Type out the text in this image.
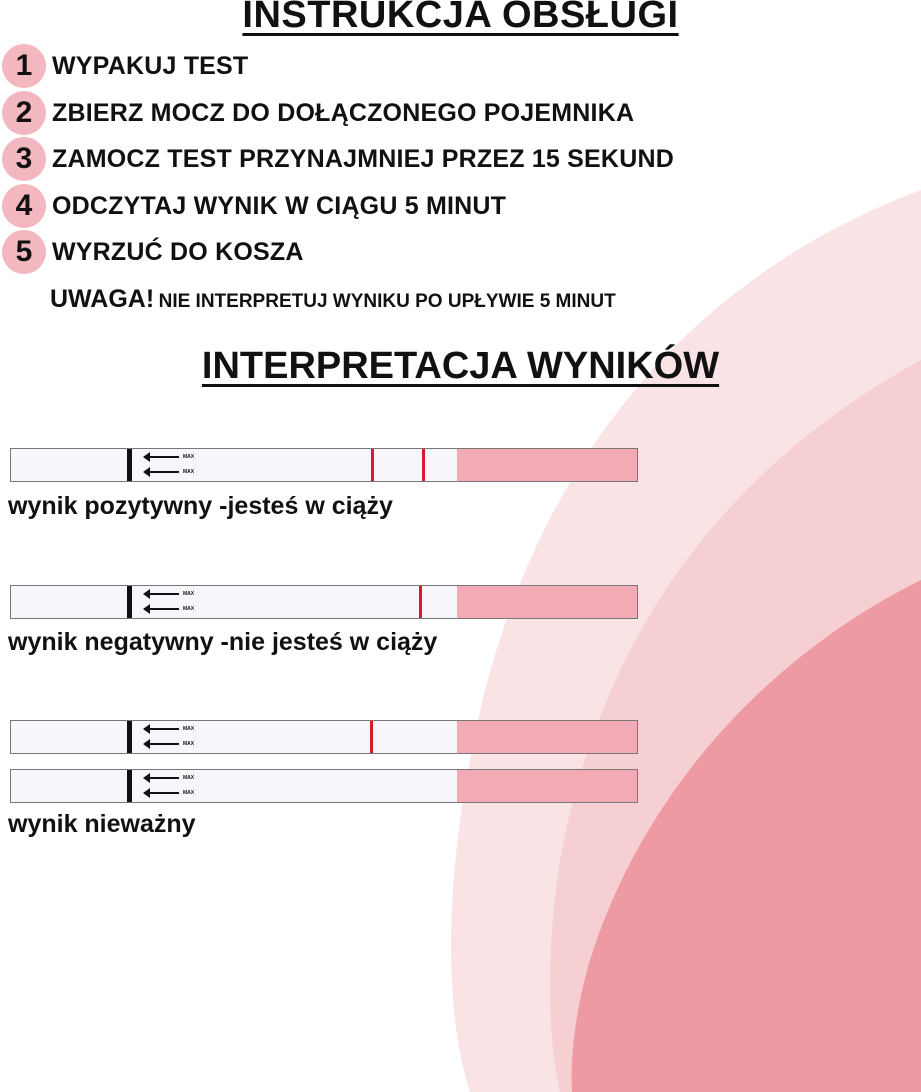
INSTRUKCJA OBSŁUGI
1 WYPAKUJ TEST
2 ZBIERZ MOCZ DO DOŁĄCZONEGO POJEMNIKA
3 ZAMOCZ TEST PRZYNAJMNIEJ PRZEZ 15 SEKUND
4 ODCZYTAJ WYNIK W CIĄGU 5 MINUT
5 WYRZUĆ DO KOSZA
UWAGA! NIE INTERPRETUJ WYNIKU PO UPŁYWIE 5 MINUT
INTERPRETACJA WYNIKÓW
MAX
MAX
wynik pozytywny -jesteś w ciąży
MAX
MAX
wynik negatywny -nie jesteś w ciąży
MAX
MAX
MAX
MAX
wynik nieważny
